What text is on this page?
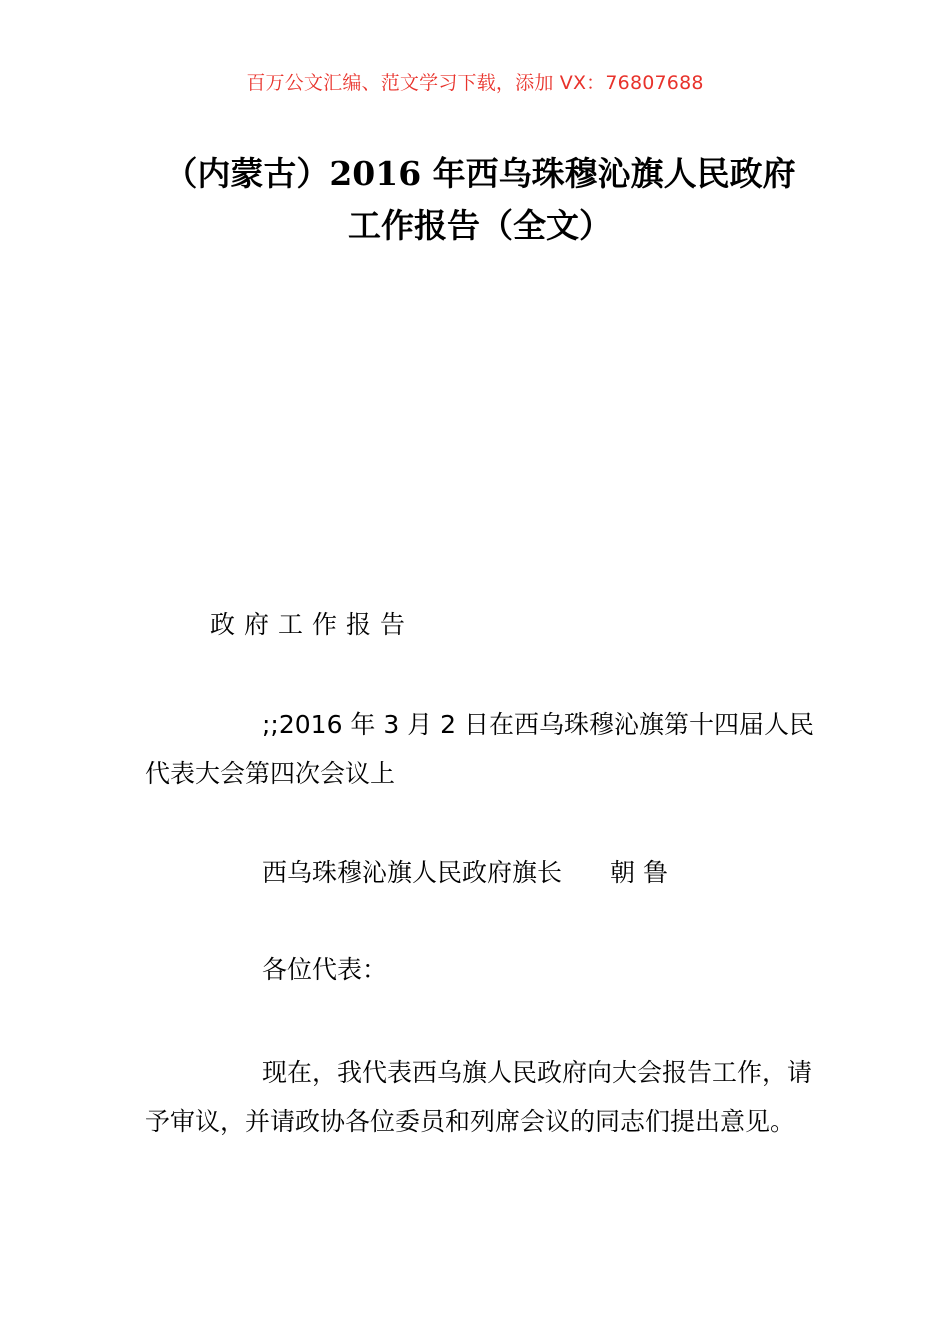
百万公文汇编、范文学习下载，添加 VX：76807688
（内蒙古）2016 年西乌珠穆沁旗人民政府
工作报告（全文）
政府工作报告
;;2016 年 3 月 2 日在西乌珠穆沁旗第十四届人民代表大会第四次会议上
西乌珠穆沁旗人民政府旗长 朝鲁
各位代表：
现在，我代表西乌旗人民政府向大会报告工作，请予审议，并请政协各位委员和列席会议的同志们提出意见。
